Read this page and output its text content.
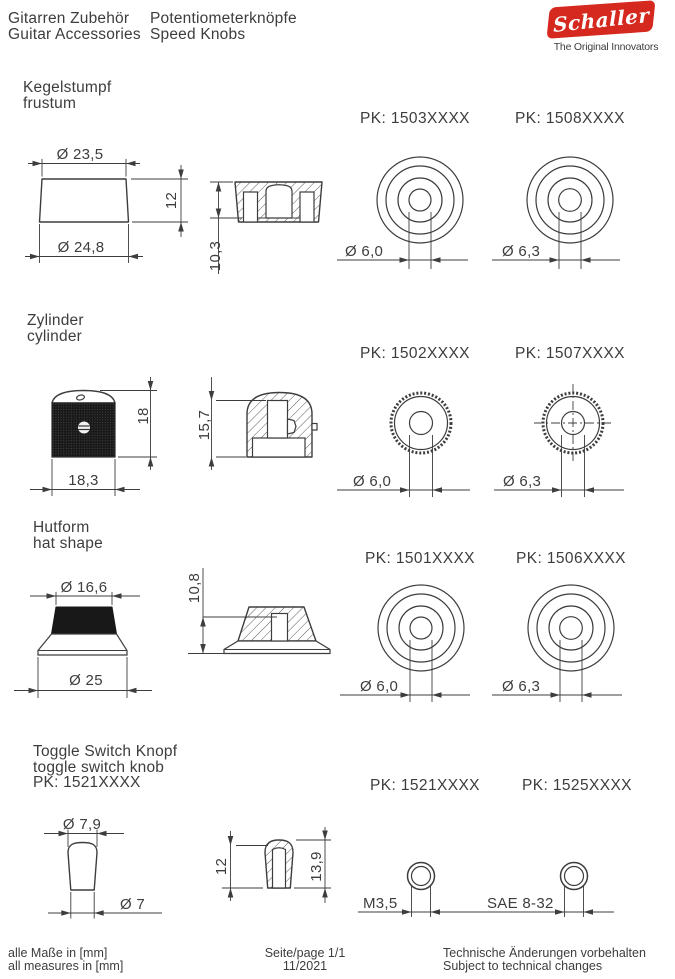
Gitarren Zubehör
Guitar Accessories
Potentiometerknöpfe
Speed Knobs	Schaller
The Original Innovators
Kegelstumpf
frustum
PK: 1503XXXX	PK: 1508XXXX
Ø 23,5
Ø 24,8
12
10,3	Ø 6,0	Ø 6,3
Zylinder
cylinder
PK: 1502XXXX	PK: 1507XXXX
18
18,3
15,7
Ø 6,0	Ø 6,3
Hutform
hat shape
PK: 1501XXXX	PK: 1506XXXX
Ø 16,6
Ø 25
10,8
Ø 6,0	Ø 6,3
Toggle Switch Knopf
toggle switch knob
PK: 1521XXXX	PK: 1521XXXX	PK: 1525XXXX
Ø 7,9
Ø 7
12	13,9
M3,5	SAE 8-32
alle Maße in [mm]
all measures in [mm]
Seite/page 1/1
11/2021
Technische Änderungen vorbehalten
Subject to technical changes
